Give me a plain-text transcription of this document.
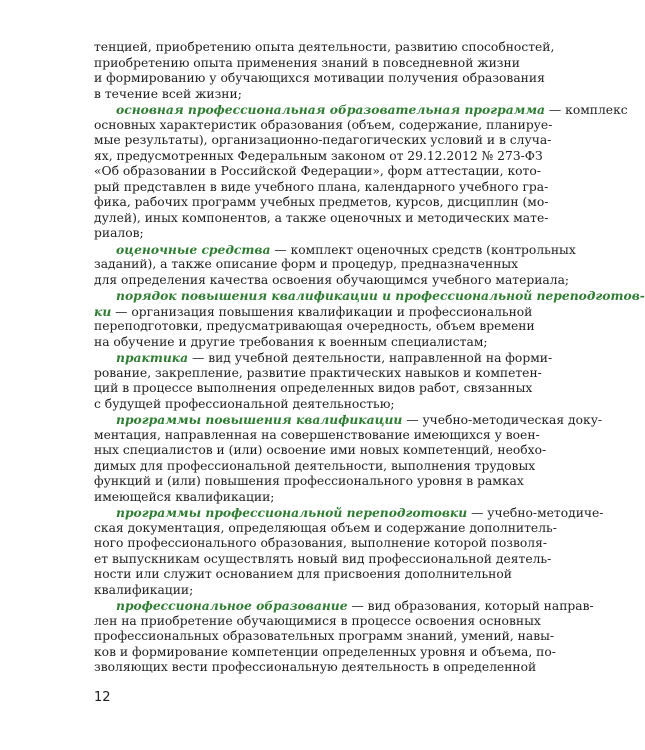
тенцией, приобретению опыта деятельности, развитию способностей,
приобретению опыта применения знаний в повседневной жизни
и формированию у обучающихся мотивации получения образования
в течение всей жизни;
основная профессиональная образовательная программа — комплекс
основных характеристик образования (объем, содержание, планируе-
мые результаты), организационно-педагогических условий и в случа-
ях, предусмотренных Федеральным законом от 29.12.2012 № 273-ФЗ
«Об образовании в Российской Федерации», форм аттестации, кото-
рый представлен в виде учебного плана, календарного учебного гра-
фика, рабочих программ учебных предметов, курсов, дисциплин (мо-
дулей), иных компонентов, а также оценочных и методических мате-
риалов;
оценочные средства — комплект оценочных средств (контрольных
заданий), а также описание форм и процедур, предназначенных
для определения качества освоения обучающимся учебного материала;
порядок повышения квалификации и профессиональной переподготов-
ки — организация повышения квалификации и профессиональной
переподготовки, предусматривающая очередность, объем времени
на обучение и другие требования к военным специалистам;
практика — вид учебной деятельности, направленной на форми-
рование, закрепление, развитие практических навыков и компетен-
ций в процессе выполнения определенных видов работ, связанных
с будущей профессиональной деятельностью;
программы повышения квалификации — учебно-методическая доку-
ментация, направленная на совершенствование имеющихся у воен-
ных специалистов и (или) освоение ими новых компетенций, необхо-
димых для профессиональной деятельности, выполнения трудовых
функций и (или) повышения профессионального уровня в рамках
имеющейся квалификации;
программы профессиональной переподготовки — учебно-методиче-
ская документация, определяющая объем и содержание дополнитель-
ного профессионального образования, выполнение которой позволя-
ет выпускникам осуществлять новый вид профессиональной деятель-
ности или служит основанием для присвоения дополнительной
квалификации;
профессиональное образование — вид образования, который направ-
лен на приобретение обучающимися в процессе освоения основных
профессиональных образовательных программ знаний, умений, навы-
ков и формирование компетенции определенных уровня и объема, по-
зволяющих вести профессиональную деятельность в определенной
12
